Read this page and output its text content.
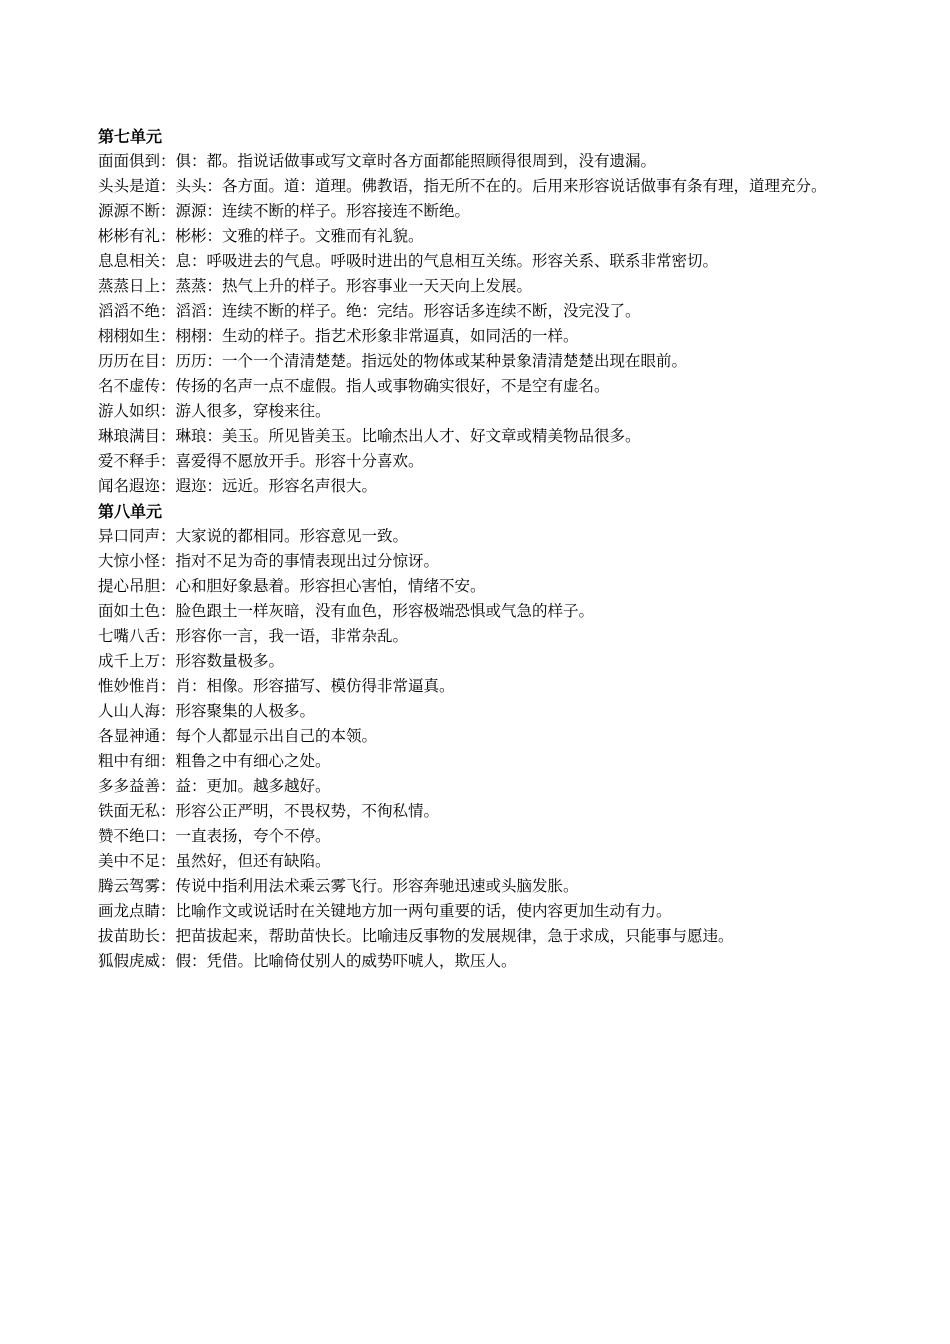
第七单元
面面俱到：俱：都。指说话做事或写文章时各方面都能照顾得很周到，没有遗漏。
头头是道：头头：各方面。道：道理。佛教语，指无所不在的。后用来形容说话做事有条有理，道理充分。
源源不断：源源：连续不断的样子。形容接连不断绝。
彬彬有礼：彬彬：文雅的样子。文雅而有礼貌。
息息相关：息：呼吸进去的气息。呼吸时进出的气息相互关练。形容关系、联系非常密切。
蒸蒸日上：蒸蒸：热气上升的样子。形容事业一天天向上发展。
滔滔不绝：滔滔：连续不断的样子。绝：完结。形容话多连续不断，没完没了。
栩栩如生：栩栩：生动的样子。指艺术形象非常逼真，如同活的一样。
历历在目：历历：一个一个清清楚楚。指远处的物体或某种景象清清楚楚出现在眼前。
名不虚传：传扬的名声一点不虚假。指人或事物确实很好，不是空有虚名。
游人如织：游人很多，穿梭来往。
琳琅满目：琳琅：美玉。所见皆美玉。比喻杰出人才、好文章或精美物品很多。
爱不释手：喜爱得不愿放开手。形容十分喜欢。
闻名遐迩：遐迩：远近。形容名声很大。
第八单元
异口同声：大家说的都相同。形容意见一致。
大惊小怪：指对不足为奇的事情表现出过分惊讶。
提心吊胆：心和胆好象悬着。形容担心害怕，情绪不安。
面如土色：脸色跟土一样灰暗，没有血色，形容极端恐惧或气急的样子。
七嘴八舌：形容你一言，我一语，非常杂乱。
成千上万：形容数量极多。
惟妙惟肖：肖：相像。形容描写、模仿得非常逼真。
人山人海：形容聚集的人极多。
各显神通：每个人都显示出自己的本领。
粗中有细：粗鲁之中有细心之处。
多多益善：益：更加。越多越好。
铁面无私：形容公正严明，不畏权势，不徇私情。
赞不绝口：一直表扬，夸个不停。
美中不足：虽然好，但还有缺陷。
腾云驾雾：传说中指利用法术乘云雾飞行。形容奔驰迅速或头脑发胀。
画龙点睛：比喻作文或说话时在关键地方加一两句重要的话，使内容更加生动有力。
拔苗助长：把苗拔起来，帮助苗快长。比喻违反事物的发展规律，急于求成，只能事与愿违。
狐假虎威：假：凭借。比喻倚仗别人的威势吓唬人，欺压人。
